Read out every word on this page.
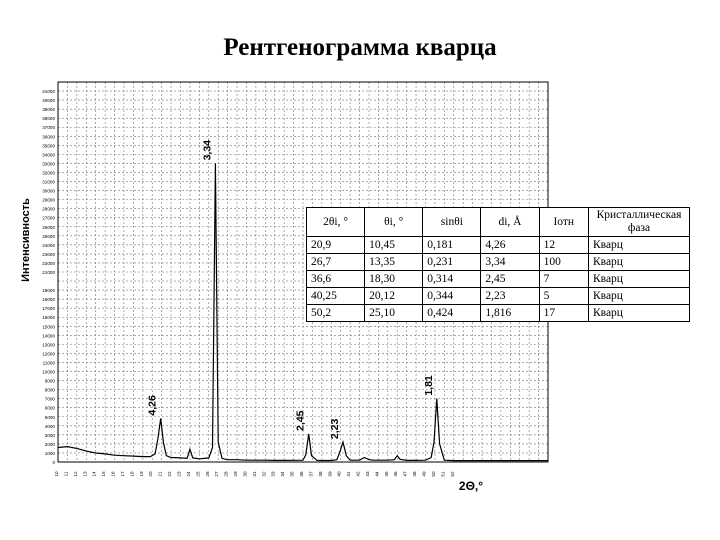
Рентгенограмма кварца
0
1000
2000
3000
4000
5000
6000
7000
8000
9000
10000
11000
12000
13000
14000
15000
16000
17000
18000
19000
21000
22000
23000
24000
25000
26000
27000
28000
29000
30000
31000
32000
33000
34000
35000
36000
37000
38000
39000
40000
41000
10 11 12 13 14 15 16 17 18 19 20 21 22 23 24 25 26 27 28 29 30 31 32 33 34 35 36 37 38 39 40 41 42 43 44 45 46 47 48 49 50 51 52
4,26
3,34
2,45 2,23
1,81
Интенсивность
2Θ,°
2θi, °	θi, °	sinθi	di, Å	Iотн	Кристаллическая фаза
20,9	10,45	0,181	4,26	12	Кварц
26,7	13,35	0,231	3,34	100	Кварц
36,6	18,30	0,314	2,45	7	Кварц
40,25	20,12	0,344	2,23	5	Кварц
50,2	25,10	0,424	1,816	17	Кварц
